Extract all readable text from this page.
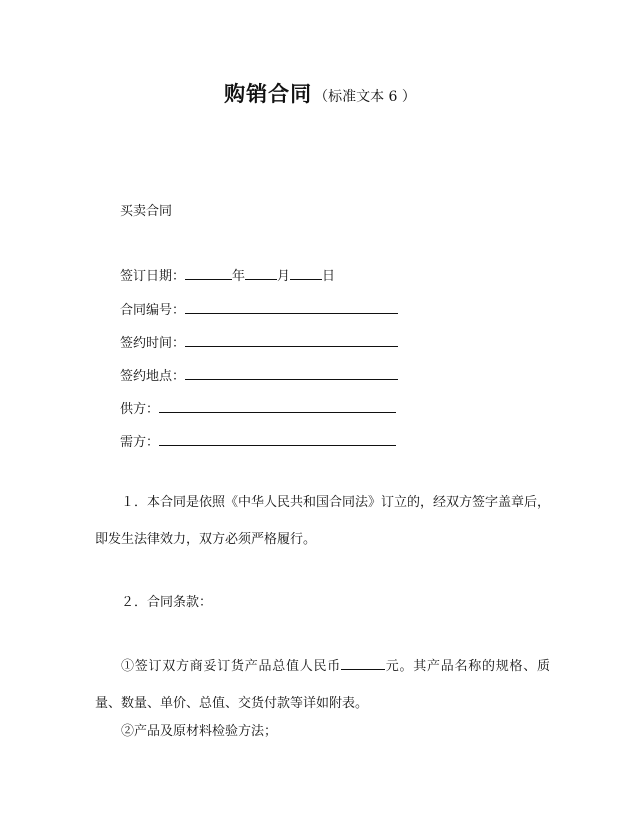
购销合同 （标准文本 6 ）
买卖合同
签订日期：	年 月 日
合同编号：
签约时间：
签约地点：
供方：
需方：
１．本合同是依照《中华人民共和国合同法》订立的，经双方签字盖章后，即发生法律效力，双方必须严格履行。
２．合同条款：
①签订双方商妥订货产品总值人民币	元。其产品名称的规格、质量、数量、单价、总值、交货付款等详如附表。
②产品及原材料检验方法；
